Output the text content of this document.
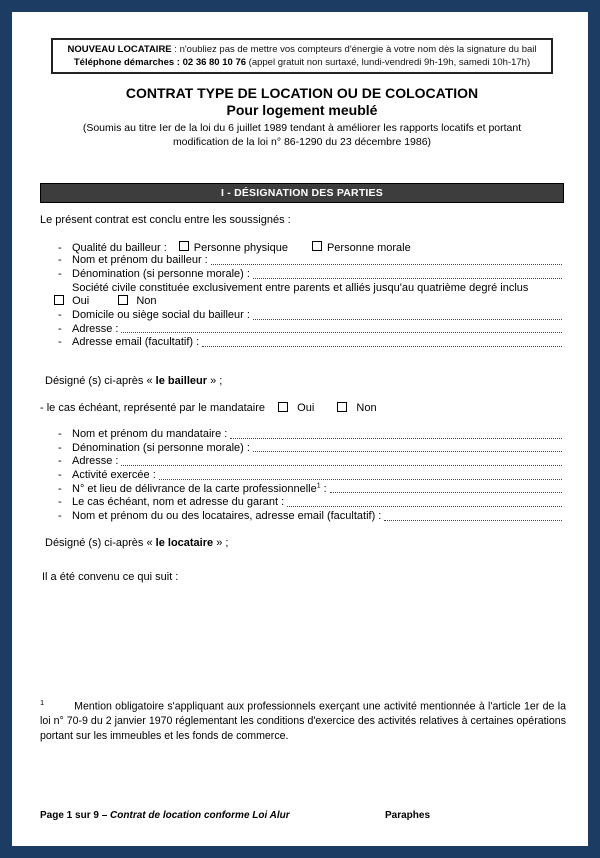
NOUVEAU LOCATAIRE : n'oubliez pas de mettre vos compteurs d'énergie à votre nom dès la signature du bail
Téléphone démarches : 02 36 80 10 76 (appel gratuit non surtaxé, lundi-vendredi 9h-19h, samedi 10h-17h)
CONTRAT TYPE DE LOCATION OU DE COLOCATION
Pour logement meublé
(Soumis au titre Ier de la loi du 6 juillet 1989 tendant à améliorer les rapports locatifs et portant modification de la loi n° 86-1290 du 23 décembre 1986)
I - DÉSIGNATION DES PARTIES
Le présent contrat est conclu entre les soussignés :
- Qualité du bailleur : Personne physique	Personne morale
- Nom et prénom du bailleur :
- Dénomination (si personne morale) :
Société civile constituée exclusivement entre parents et alliés jusqu'au quatrième degré inclus
Oui	Non
- Domicile ou siège social du bailleur :
- Adresse :
- Adresse email (facultatif) :
Désigné (s) ci-après « le bailleur » ;
- le cas échéant, représenté par le mandataire	Oui	Non
- Nom et prénom du mandataire :
- Dénomination (si personne morale) :
- Adresse :
- Activité exercée :
- N° et lieu de délivrance de la carte professionnelle$^1$ :
- Le cas échéant, nom et adresse du garant :
- Nom et prénom du ou des locataires, adresse email (facultatif) :
Désigné (s) ci-après « le locataire » ;
Il a été convenu ce qui suit :
$^1$	Mention obligatoire s'appliquant aux professionnels exerçant une activité mentionnée à l'article 1er de la loi n° 70-9 du 2 janvier 1970 réglementant les conditions d'exercice des activités relatives à certaines opérations portant sur les immeubles et les fonds de commerce.
Page 1 sur 9 – Contrat de location conforme Loi Alur	Paraphes
